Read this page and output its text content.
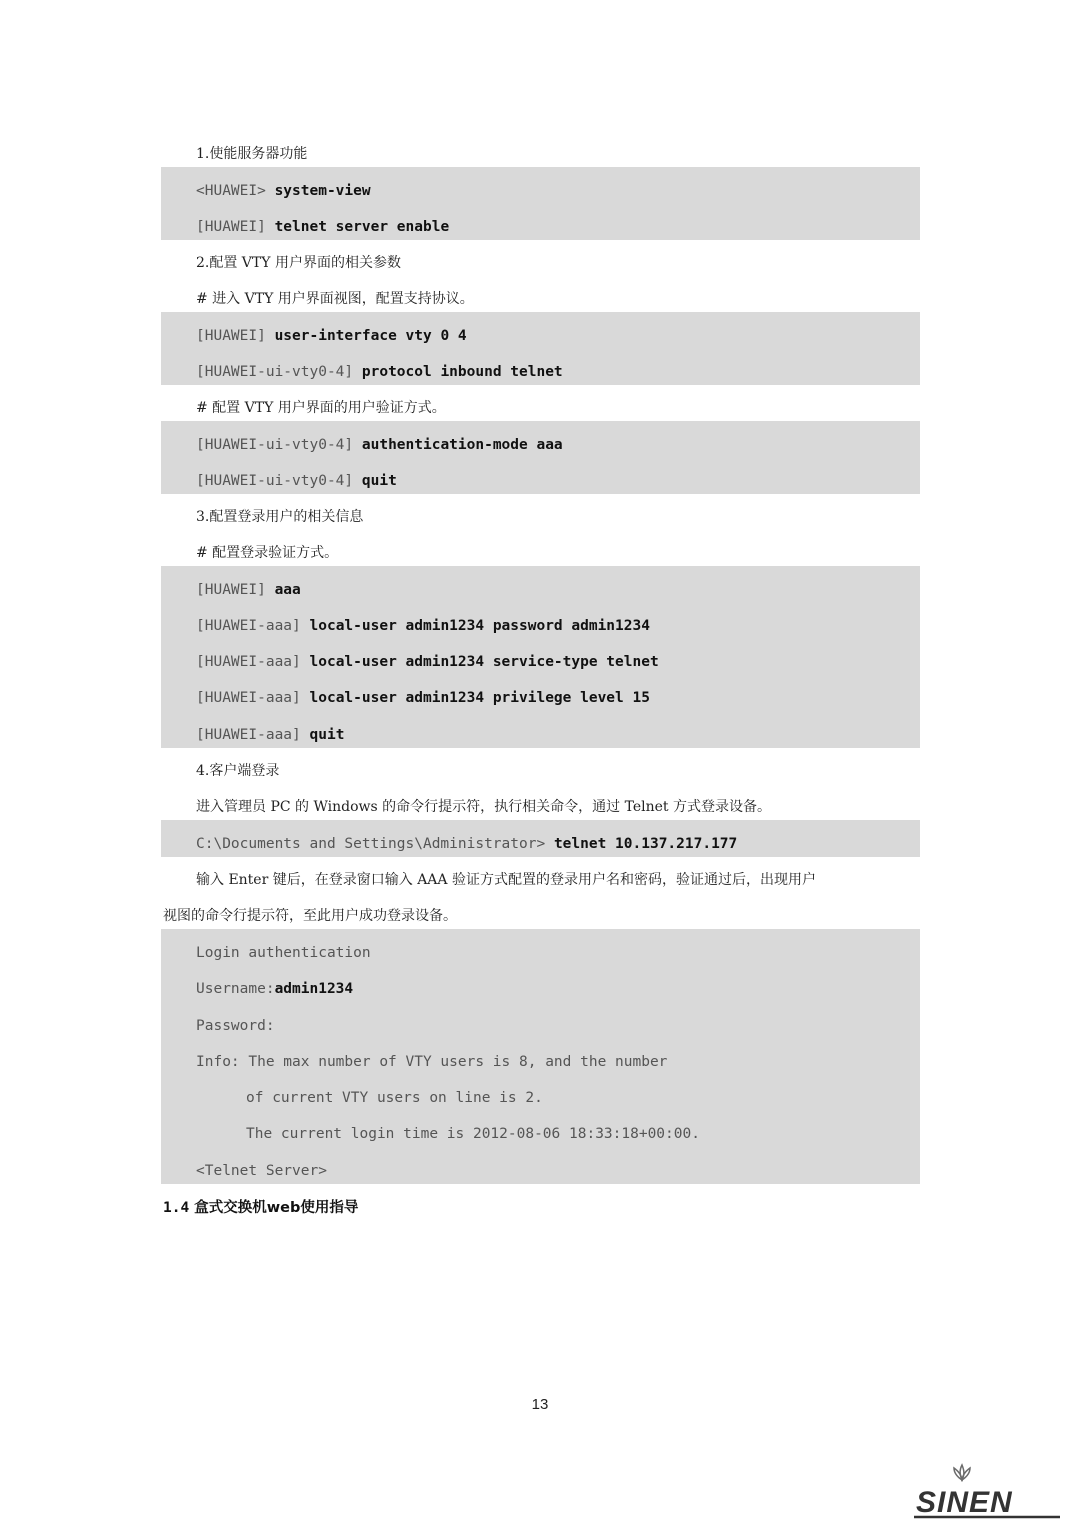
1.使能服务器功能
<HUAWEI> system-view
[HUAWEI] telnet server enable
2.配置 VTY 用户界面的相关参数
# 进入 VTY 用户界面视图，配置支持协议。
[HUAWEI] user-interface vty 0 4
[HUAWEI-ui-vty0-4] protocol inbound telnet
# 配置 VTY 用户界面的用户验证方式。
[HUAWEI-ui-vty0-4] authentication-mode aaa
[HUAWEI-ui-vty0-4] quit
3.配置登录用户的相关信息
# 配置登录验证方式。
[HUAWEI] aaa
[HUAWEI-aaa] local-user admin1234 password admin1234
[HUAWEI-aaa] local-user admin1234 service-type telnet
[HUAWEI-aaa] local-user admin1234 privilege level 15
[HUAWEI-aaa] quit
4.客户端登录
进入管理员 PC 的 Windows 的命令行提示符，执行相关命令，通过 Telnet 方式登录设备。
C:\Documents and Settings\Administrator> telnet 10.137.217.177
输入 Enter 键后，在登录窗口输入 AAA 验证方式配置的登录用户名和密码，验证通过后，出现用户
视图的命令行提示符，至此用户成功登录设备。
Login authentication
Username:admin1234
Password:
Info: The max number of VTY users is 8, and the number
of current VTY users on line is 2.
The current login time is 2012-08-06 18:33:18+00:00.
<Telnet Server>
1.4 盒式交换机web使用指导
13
SINEN
